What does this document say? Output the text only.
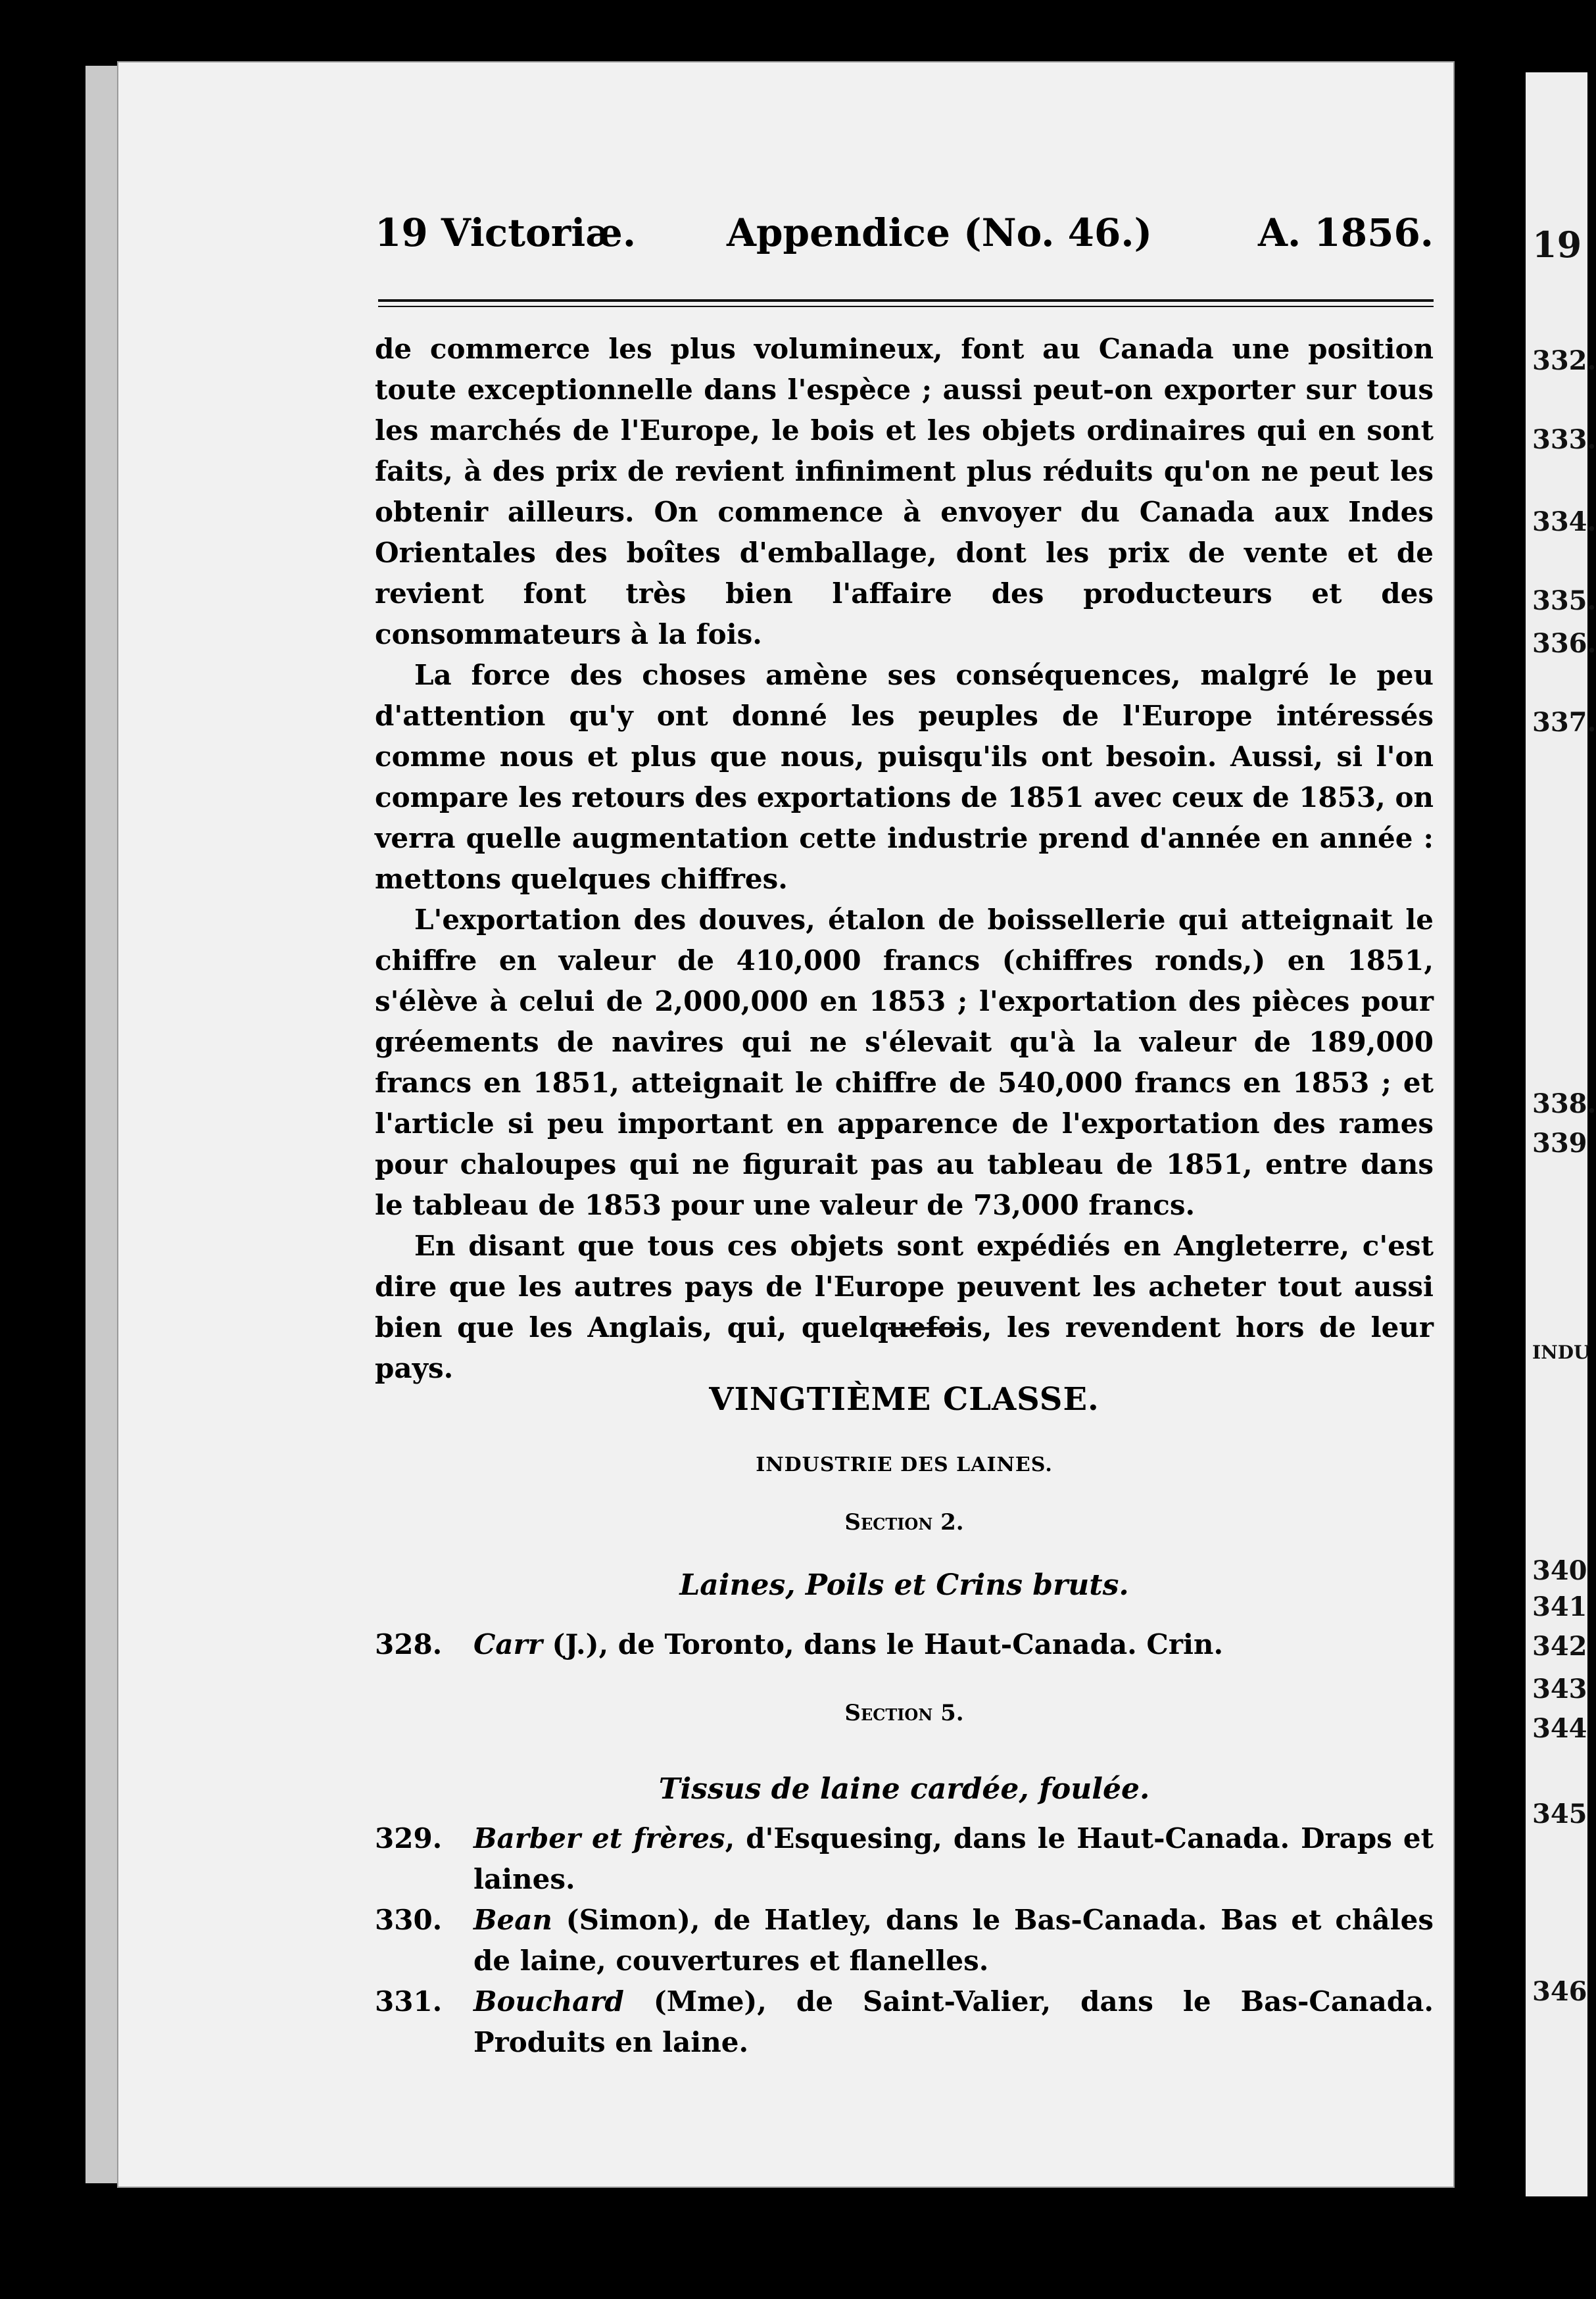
19 Victoriæ. Appendice (No. 46.)	A. 1856.

de commerce les plus volumineux, font au Canada une position toute exceptionnelle dans l'espèce ; aussi peut-on exporter sur tous les marchés de l'Europe, le bois et les objets ordinaires qui en sont faits, à des prix de revient infiniment plus réduits qu'on ne peut les obtenir ailleurs. On commence à envoyer du Canada aux Indes Orientales des boîtes d'emballage, dont les prix de vente et de revient font très bien l'affaire des producteurs et des consommateurs à la fois.

La force des choses amène ses conséquences, malgré le peu d'attention qu'y ont donné les peuples de l'Europe intéressés comme nous et plus que nous, puisqu'ils ont besoin. Aussi, si l'on compare les retours des exportations de 1851 avec ceux de 1853, on verra quelle augmentation cette industrie prend d'année en année : mettons quelques chiffres.

L'exportation des douves, étalon de boissellerie qui atteignait le chiffre en valeur de 410,000 francs (chiffres ronds,) en 1851, s'élève à celui de 2,000,000 en 1853 ; l'exportation des pièces pour gréements de navires qui ne s'élevait qu'à la valeur de 189,000 francs en 1851, atteignait le chiffre de 540,000 francs en 1853 ; et l'article si peu important en apparence de l'exportation des rames pour chaloupes qui ne figurait pas au tableau de 1851, entre dans le tableau de 1853 pour une valeur de 73,000 francs.

En disant que tous ces objets sont expédiés en Angleterre, c'est dire que les autres pays de l'Europe peuvent les acheter tout aussi bien que les Anglais, qui, quelquefois, les revendent hors de leur pays.

VINGTIÈME CLASSE.
INDUSTRIE DES LAINES.
Section 2.
Laines, Poils et Crins bruts.
328. Carr (J.), de Toronto, dans le Haut-Canada. Crin.
Section 5.
Tissus de laine cardée, foulée.
329. Barber et frères, d'Esquesing, dans le Haut-Canada. Draps et laines.
330. Bean (Simon), de Hatley, dans le Bas-Canada. Bas et châles de laine, couvertures et flanelles.
331. Bouchard (Mme), de Saint-Valier, dans le Bas-Canada. Produits en laine.
19
332.
333.
334.
335.
336.
337.
338.
339
INDU
340
341
342
343
344
345
346
